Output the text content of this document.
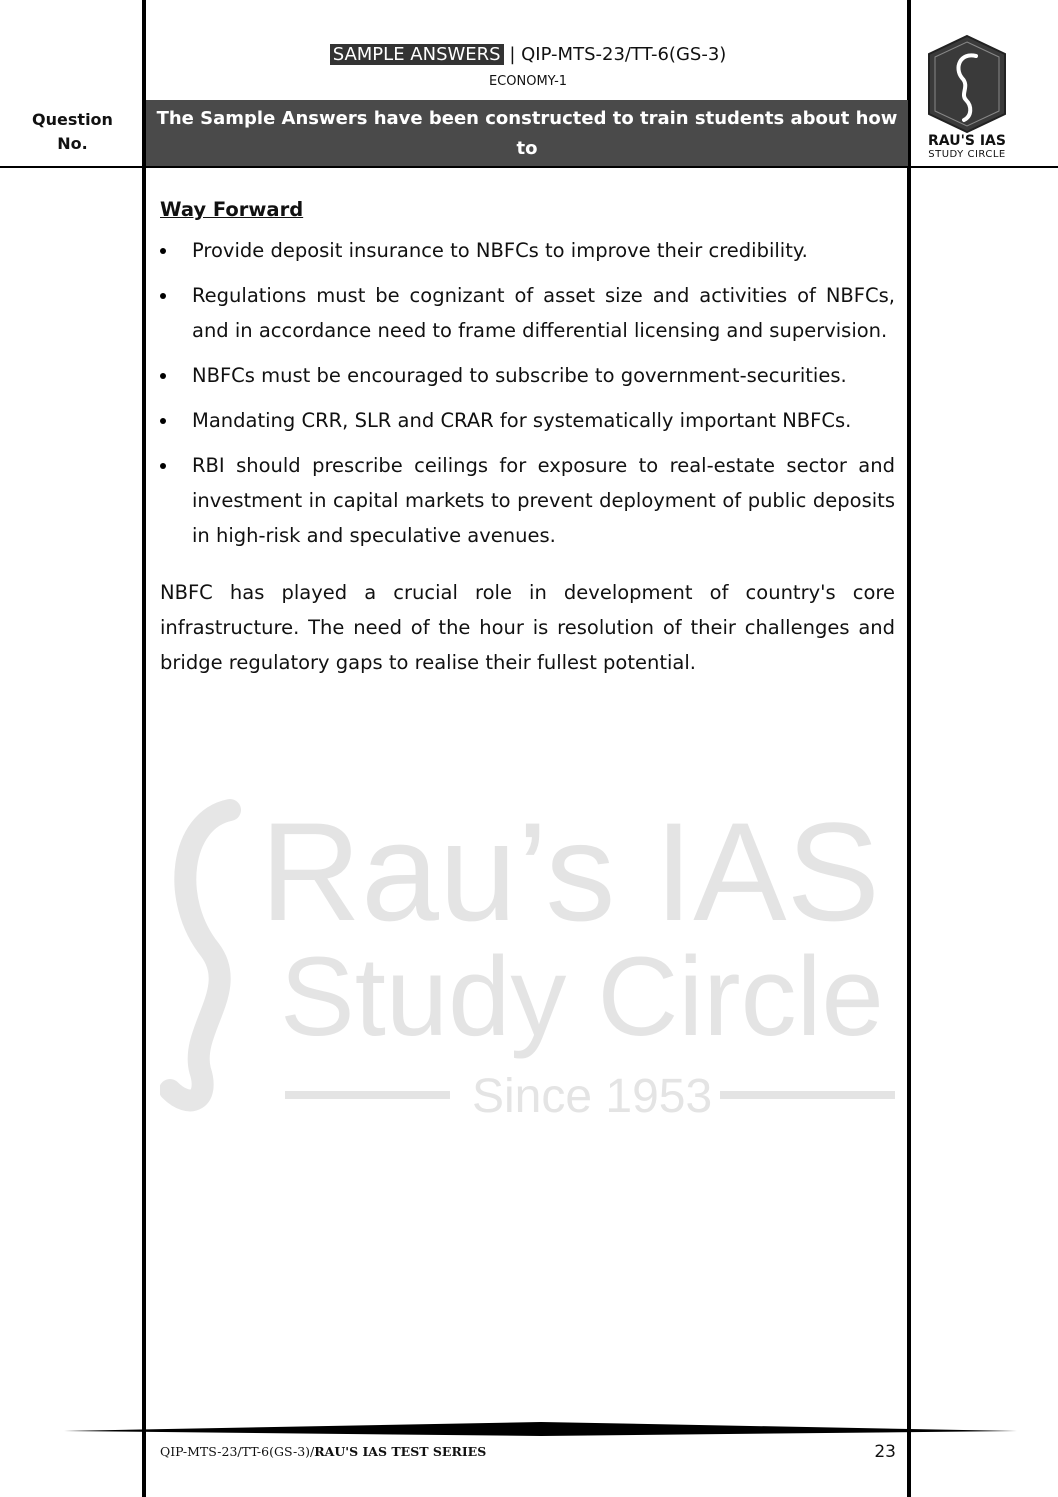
SAMPLE ANSWERS | QIP-MTS-23/TT-6(GS-3)
ECONOMY-1
Question
No.
The Sample Answers have been constructed to train students about how to
write relevant and succinct answers in exam condition.
RAU'S IAS
STUDY CIRCLE
Way Forward
Provide deposit insurance to NBFCs to improve their credibility.
Regulations must be cognizant of asset size and activities of NBFCs, and in accordance need to frame differential licensing and supervision.
NBFCs must be encouraged to subscribe to government-securities.
Mandating CRR, SLR and CRAR for systematically important NBFCs.
RBI should prescribe ceilings for exposure to real-estate sector and investment in capital markets to prevent deployment of public deposits in high-risk and speculative avenues.
NBFC has played a crucial role in development of country's core infrastructure. The need of the hour is resolution of their challenges and bridge regulatory gaps to realise their fullest potential.
Rau’s IAS
Study Circle
Since 1953
QIP-MTS-23/TT-6(GS-3)/RAU'S IAS TEST SERIES	23
